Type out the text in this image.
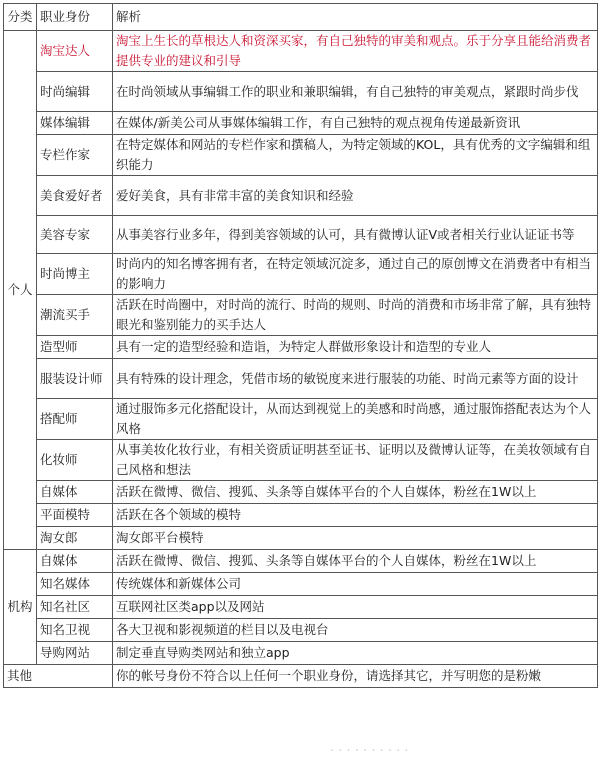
分类	职业身份	解析
个人	淘宝达人	淘宝上生长的草根达人和资深买家，有自己独特的审美和观点。乐于分享且能给消费者提供专业的建议和引导
	时尚编辑	在时尚领域从事编辑工作的职业和兼职编辑，有自己独特的审美观点，紧跟时尚步伐
	媒体编辑	在媒体/新美公司从事媒体编辑工作，有自己独特的观点视角传递最新资讯
	专栏作家	在特定媒体和网站的专栏作家和撰稿人，为特定领域的KOL，具有优秀的文字编辑和组织能力
	美食爱好者	爱好美食，具有非常丰富的美食知识和经验
	美容专家	从事美容行业多年，得到美容领域的认可，具有微博认证V或者相关行业认证证书等
	时尚博主	时尚内的知名博客拥有者，在特定领域沉淀多，通过自己的原创博文在消费者中有相当的影响力
	潮流买手	活跃在时尚圈中，对时尚的流行、时尚的规则、时尚的消费和市场非常了解，具有独特眼光和鉴别能力的买手达人
	造型师	具有一定的造型经验和造诣，为特定人群做形象设计和造型的专业人
	服装设计师	具有特殊的设计理念，凭借市场的敏锐度来进行服装的功能、时尚元素等方面的设计
	搭配师	通过服饰多元化搭配设计，从而达到视觉上的美感和时尚感，通过服饰搭配表达为个人风格
	化妆师	从事美妆化妆行业，有相关资质证明甚至证书、证明以及微博认证等，在美妆领域有自己风格和想法
	自媒体	活跃在微博、微信、搜狐、头条等自媒体平台的个人自媒体，粉丝在1W以上
	平面模特	活跃在各个领域的模特
	淘女郎	淘女郎平台模特
机构	自媒体	活跃在微博、微信、搜狐、头条等自媒体平台的个人自媒体，粉丝在1W以上
	知名媒体	传统媒体和新媒体公司
	知名社区	互联网社区类app以及网站
	知名卫视	各大卫视和影视频道的栏目以及电视台
	导购网站	制定垂直导购类网站和独立app
其他		你的帐号身份不符合以上任何一个职业身份，请选择其它，并写明您的是粉嫩
· · · · · · · · · ·
